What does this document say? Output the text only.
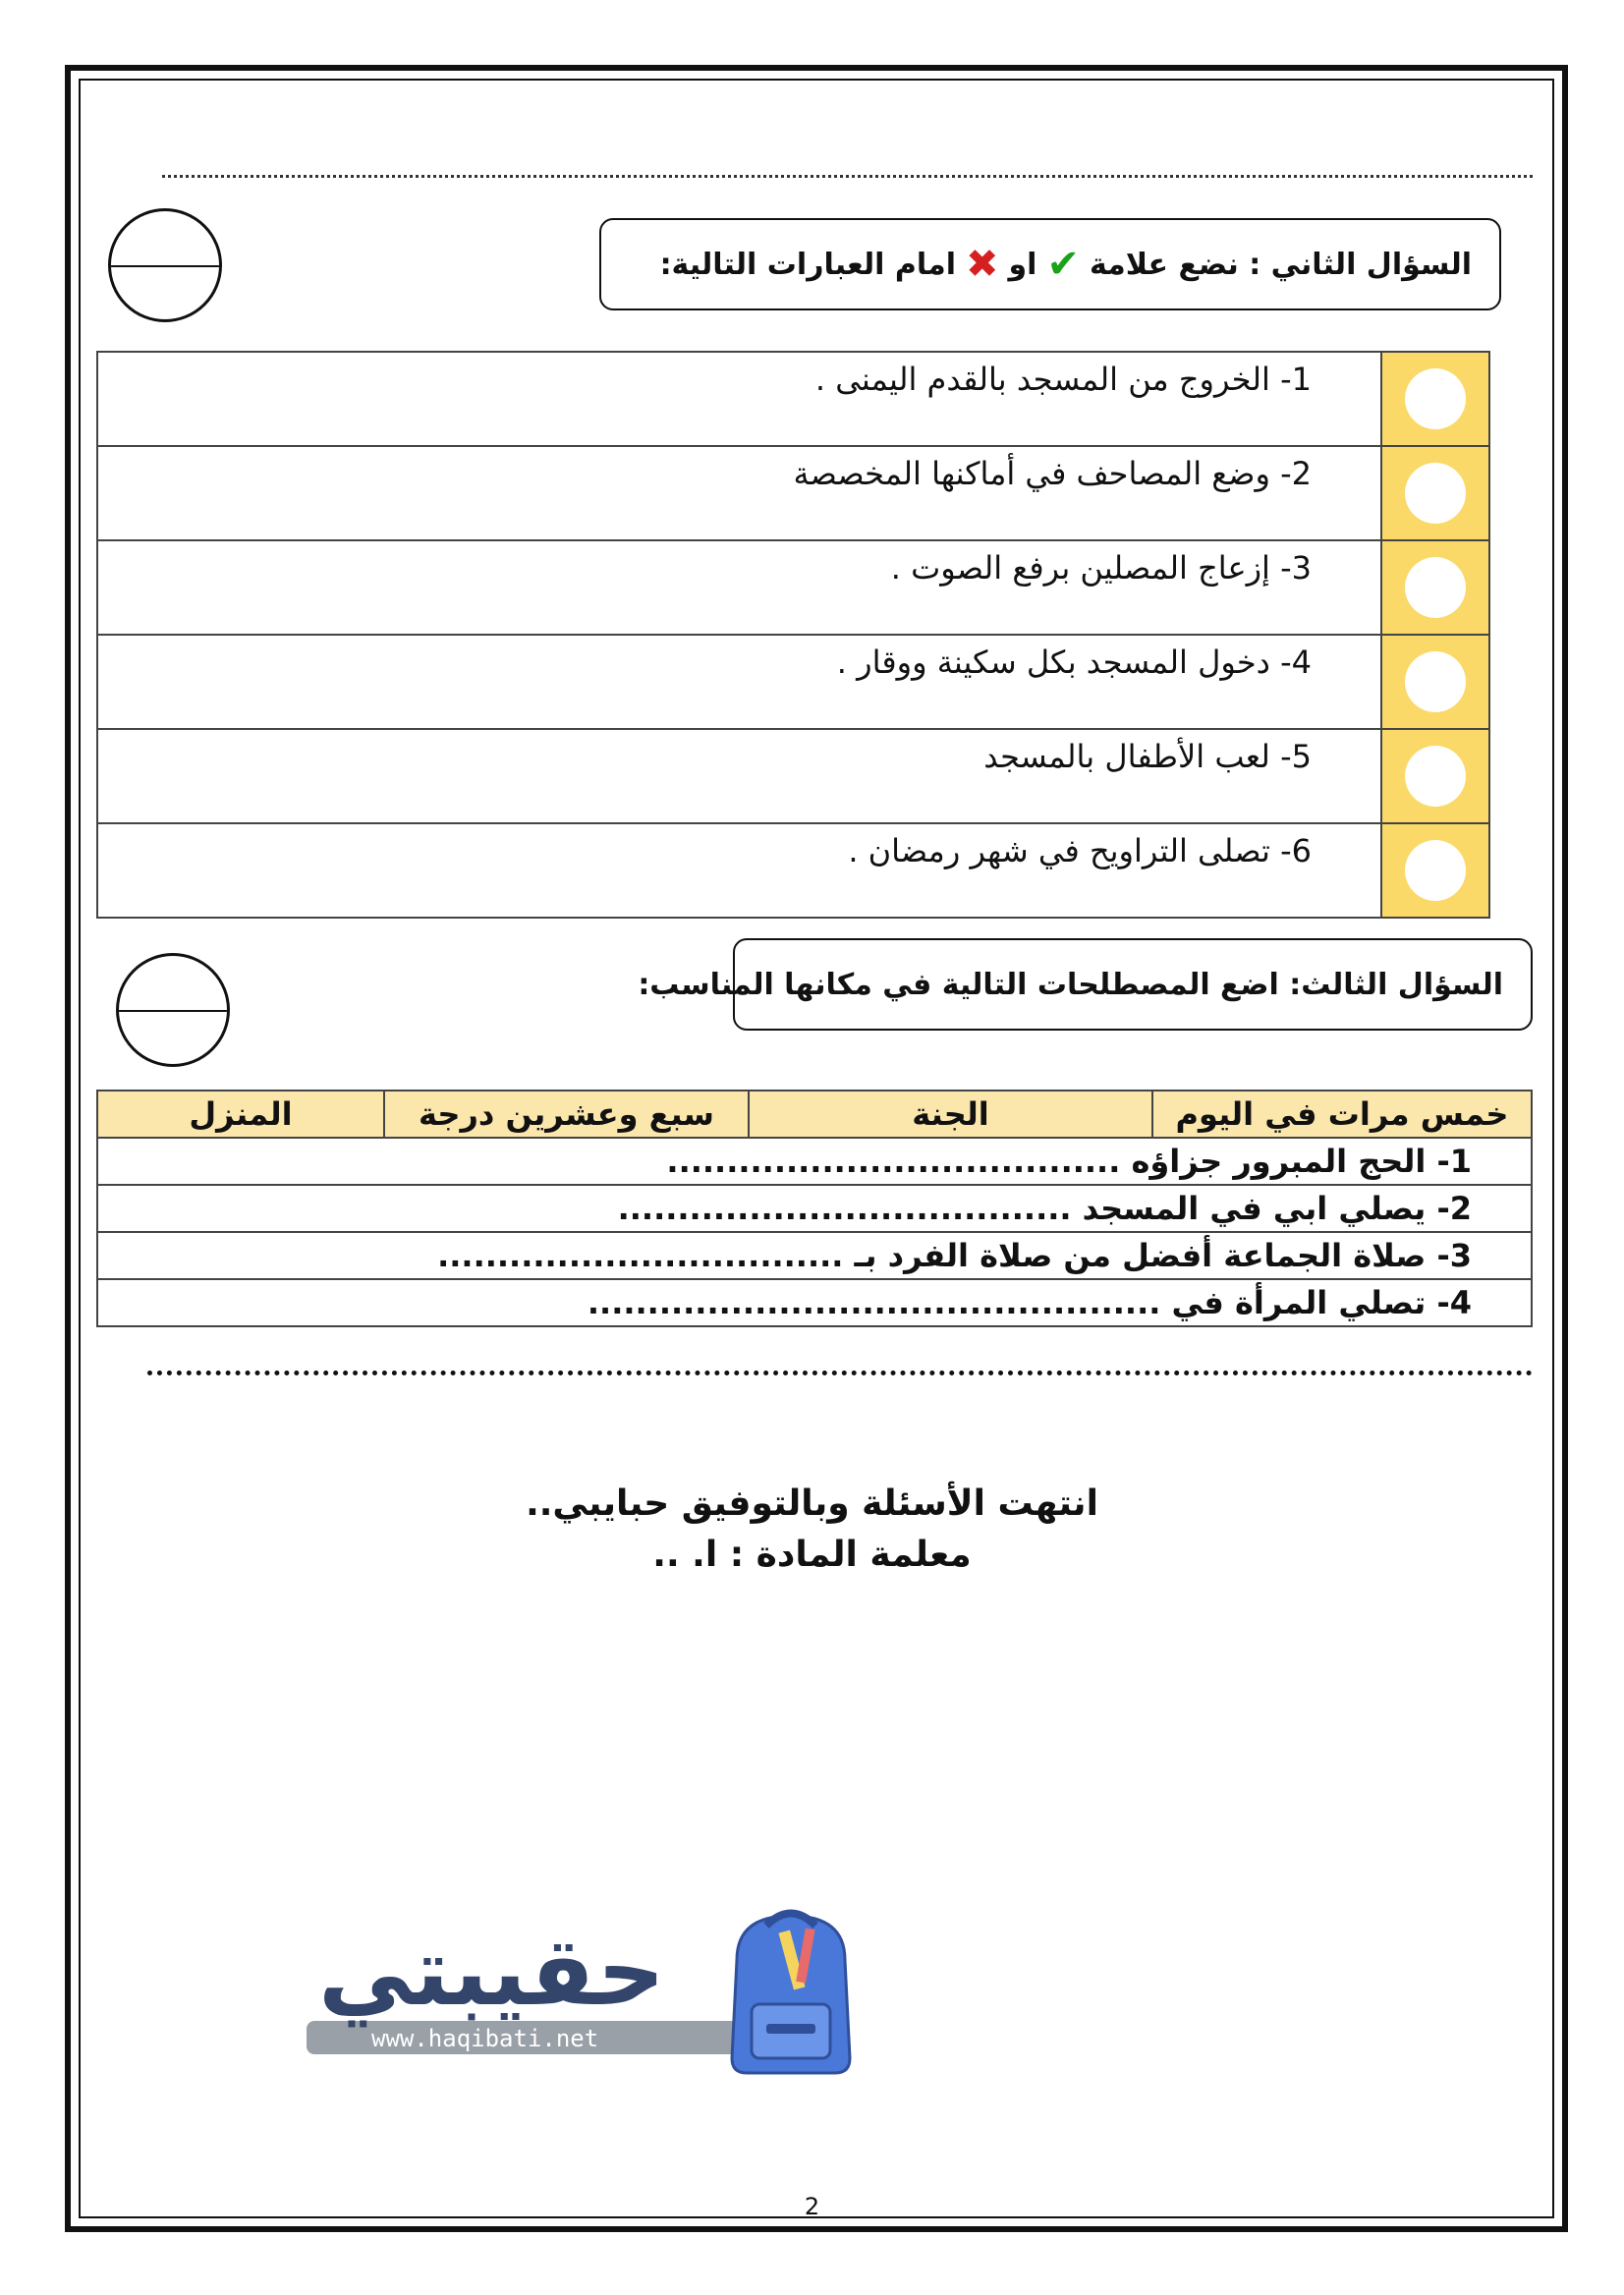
السؤال الثاني : نضع علامة
✔
او
✖
امام العبارات التالية:
	1- الخروج من المسجد بالقدم اليمنى .

	2- وضع المصاحف في أماكنها المخصصة

	3- إزعاج المصلين برفع الصوت .

	4- دخول المسجد بكل سكينة ووقار .

	5- لعب الأطفال بالمسجد

	6- تصلى التراويح في شهر رمضان .
السؤال الثالث: اضع المصطلحات التالية في مكانها المناسب:
خمس مرات في اليوم	الجنة	سبع وعشرين درجة	المنزل
1- الحج المبرور جزاؤه ......................................
2- يصلي ابي في المسجد ......................................
3- صلاة الجماعة أفضل من صلاة الفرد بـ ..................................
4- تصلي المرأة في ................................................
انتهت الأسئلة وبالتوفيق حبايبي..
معلمة المادة : ا. ..
حقيبتي
www.haqibati.net
2
